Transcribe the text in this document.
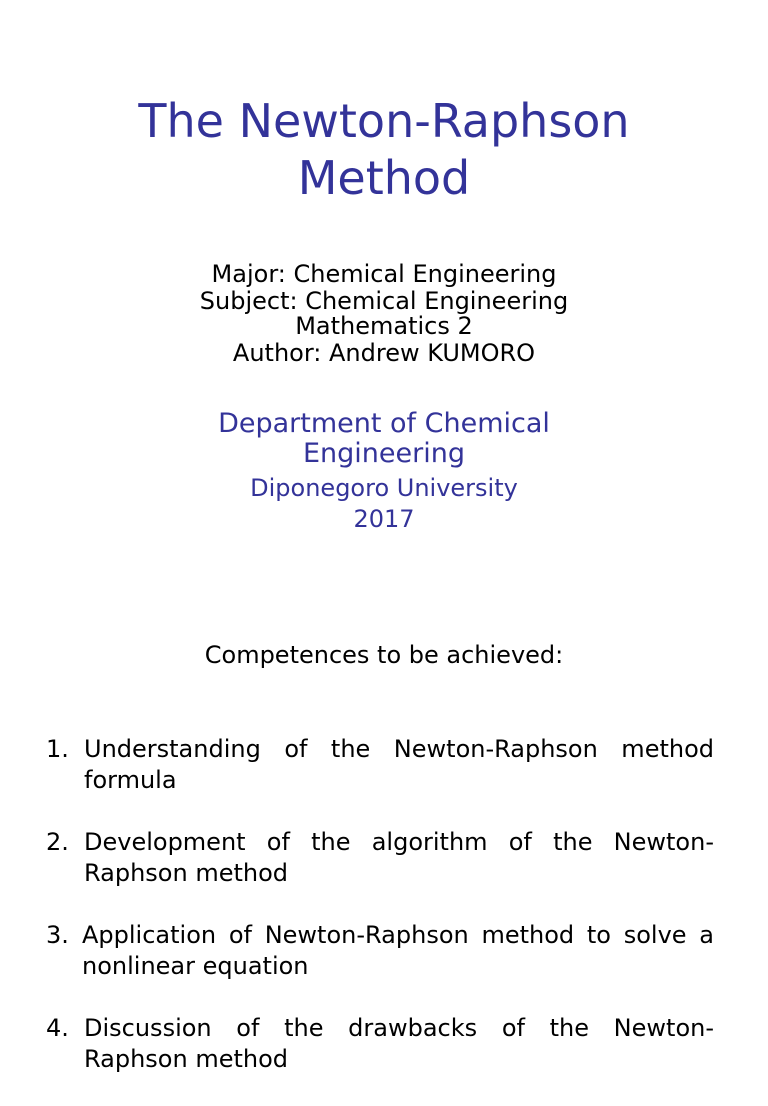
The Newton-Raphson
Method
Major: Chemical Engineering
Subject: Chemical Engineering
Mathematics 2
Author: Andrew KUMORO
Department of Chemical
Engineering
Diponegoro University
2017
Competences to be achieved:
1. Understanding of the Newton-Raphson method formula
2. Development of the algorithm of the Newton-Raphson method
3. Application of Newton-Raphson method to solve a nonlinear equation
4. Discussion of the drawbacks of the Newton-Raphson method
